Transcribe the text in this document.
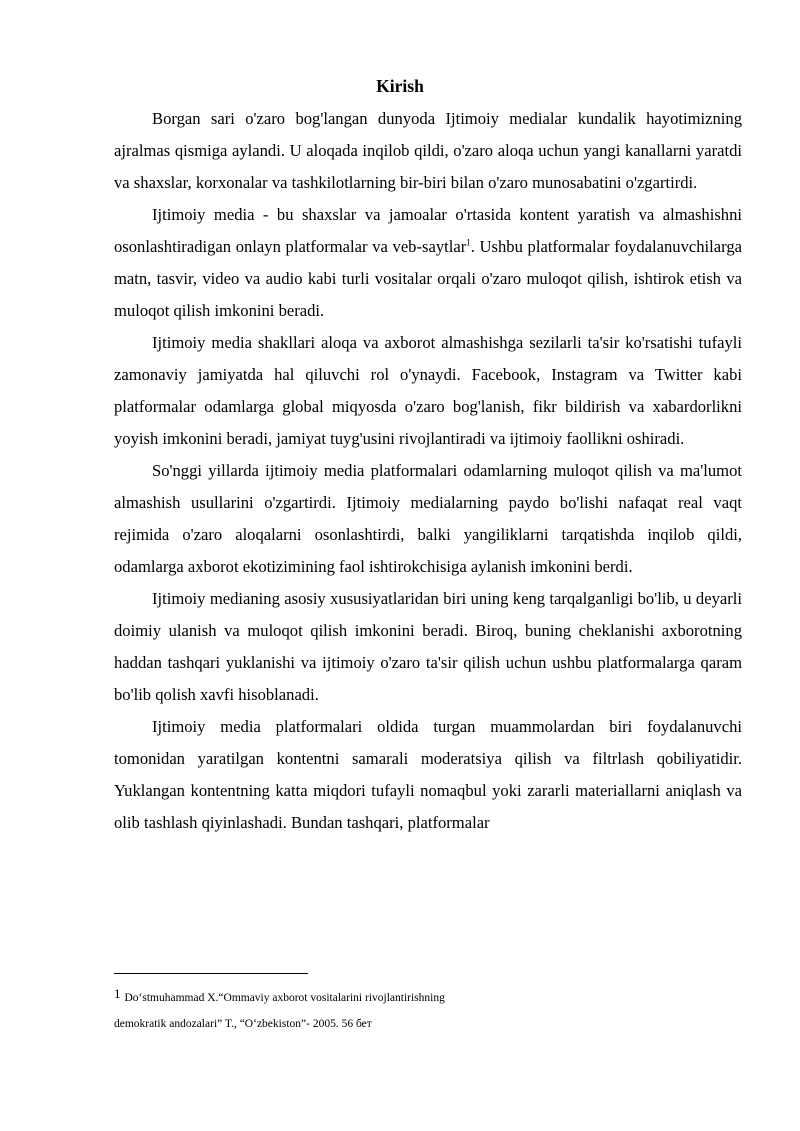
Kirish

Borgan sari o'zaro bog'langan dunyoda Ijtimoiy medialar kundalik hayotimizning ajralmas qismiga aylandi. U aloqada inqilob qildi, o'zaro aloqa uchun yangi kanallarni yaratdi va shaxslar, korxonalar va tashkilotlarning bir-biri bilan o'zaro munosabatini o'zgartirdi.

Ijtimoiy media - bu shaxslar va jamoalar o'rtasida kontent yaratish va almashishni osonlashtiradigan onlayn platformalar va veb-saytlar$^1$. Ushbu platformalar foydalanuvchilarga matn, tasvir, video va audio kabi turli vositalar orqali o'zaro muloqot qilish, ishtirok etish va muloqot qilish imkonini beradi.

Ijtimoiy media shakllari aloqa va axborot almashishga sezilarli ta'sir ko'rsatishi tufayli zamonaviy jamiyatda hal qiluvchi rol o'ynaydi. Facebook, Instagram va Twitter kabi platformalar odamlarga global miqyosda o'zaro bog'lanish, fikr bildirish va xabardorlikni yoyish imkonini beradi, jamiyat tuyg'usini rivojlantiradi va ijtimoiy faollikni oshiradi.

So'nggi yillarda ijtimoiy media platformalari odamlarning muloqot qilish va ma'lumot almashish usullarini o'zgartirdi. Ijtimoiy medialarning paydo bo'lishi nafaqat real vaqt rejimida o'zaro aloqalarni osonlashtirdi, balki yangiliklarni tarqatishda inqilob qildi, odamlarga axborot ekotizimining faol ishtirokchisiga aylanish imkonini berdi.

Ijtimoiy medianing asosiy xususiyatlaridan biri uning keng tarqalganligi bo'lib, u deyarli doimiy ulanish va muloqot qilish imkonini beradi. Biroq, buning cheklanishi axborotning haddan tashqari yuklanishi va ijtimoiy o'zaro ta'sir qilish uchun ushbu platformalarga qaram bo'lib qolish xavfi hisoblanadi.

Ijtimoiy media platformalari oldida turgan muammolardan biri foydalanuvchi tomonidan yaratilgan kontentni samarali moderatsiya qilish va filtrlash qobiliyatidir. Yuklangan kontentning katta miqdori tufayli nomaqbul yoki zararli materiallarni aniqlash va olib tashlash qiyinlashadi. Bundan tashqari, platformalar

1 Do‘stmuhammad X.“Ommaviy axborot vositalarini rivojlantirishning
demokratik andozalari” T., “O‘zbekiston”- 2005. 56 бет
